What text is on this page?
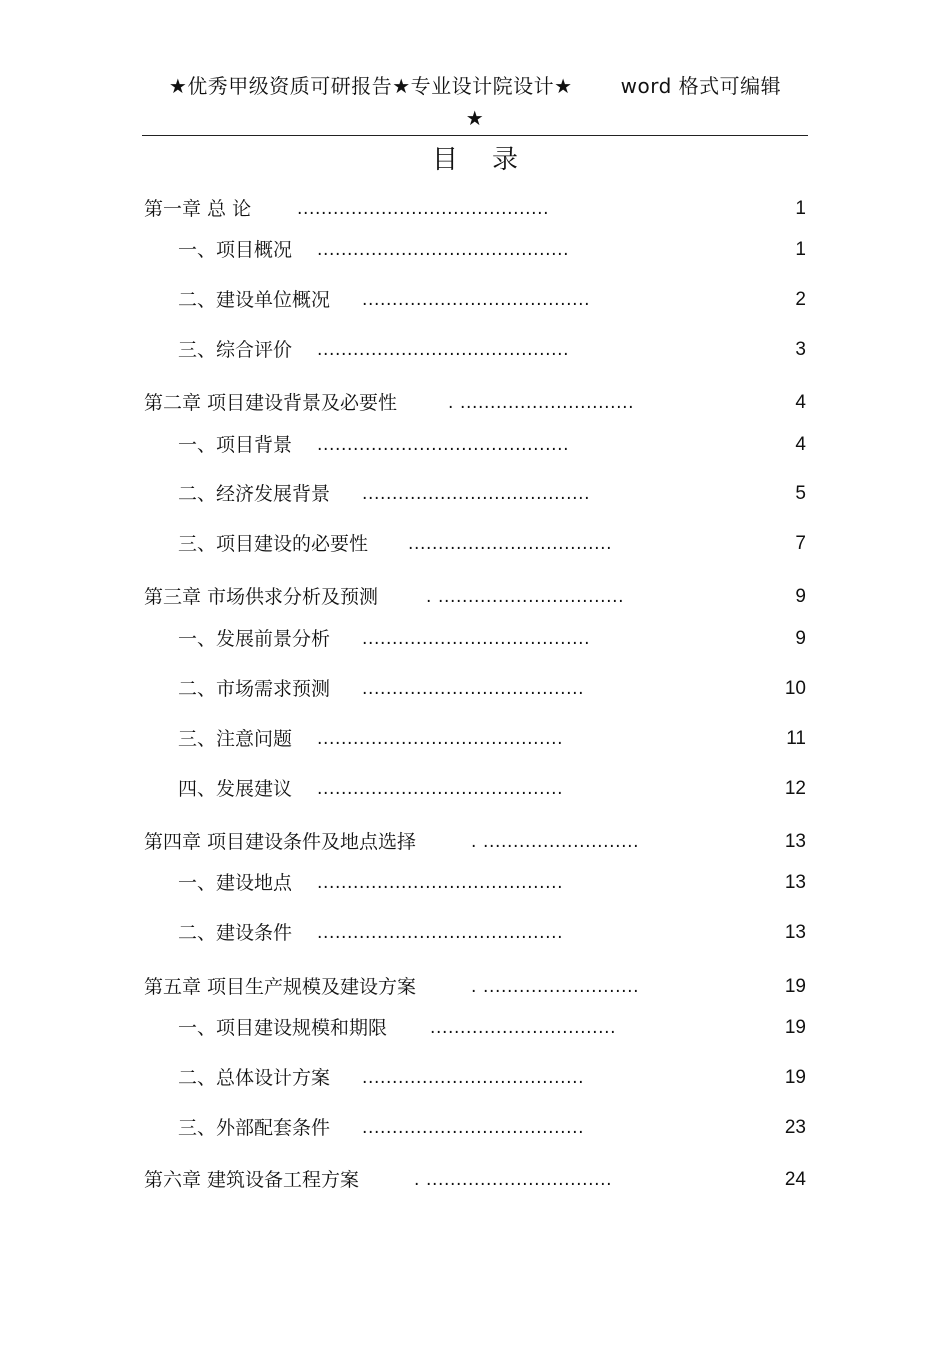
★优秀甲级资质可研报告★专业设计院设计★ word 格式可编辑
★
目录
第一章 总 论	..........................................	1
一、项目概况 ..........................................	1
二、建设单位概况 ......................................	2
三、综合评价 ..........................................	3
第二章 项目建设背景及必要性	. .............................	4
一、项目背景 ..........................................	4
二、经济发展背景 ......................................	5
三、项目建设的必要性 ..................................	7
第三章 市场供求分析及预测	. ...............................	9
一、发展前景分析 ......................................	9
二、市场需求预测 .....................................	10
三、注意问题 .........................................	11
四、发展建议 .........................................	12
第四章 项目建设条件及地点选择	. ..........................	13
一、建设地点 .........................................	13
二、建设条件 .........................................	13
第五章 项目生产规模及建设方案	. ..........................	19
一、项目建设规模和期限	...............................	19
二、总体设计方案 .....................................	19
三、外部配套条件 .....................................	23
第六章 建筑设备工程方案	. ...............................	24
